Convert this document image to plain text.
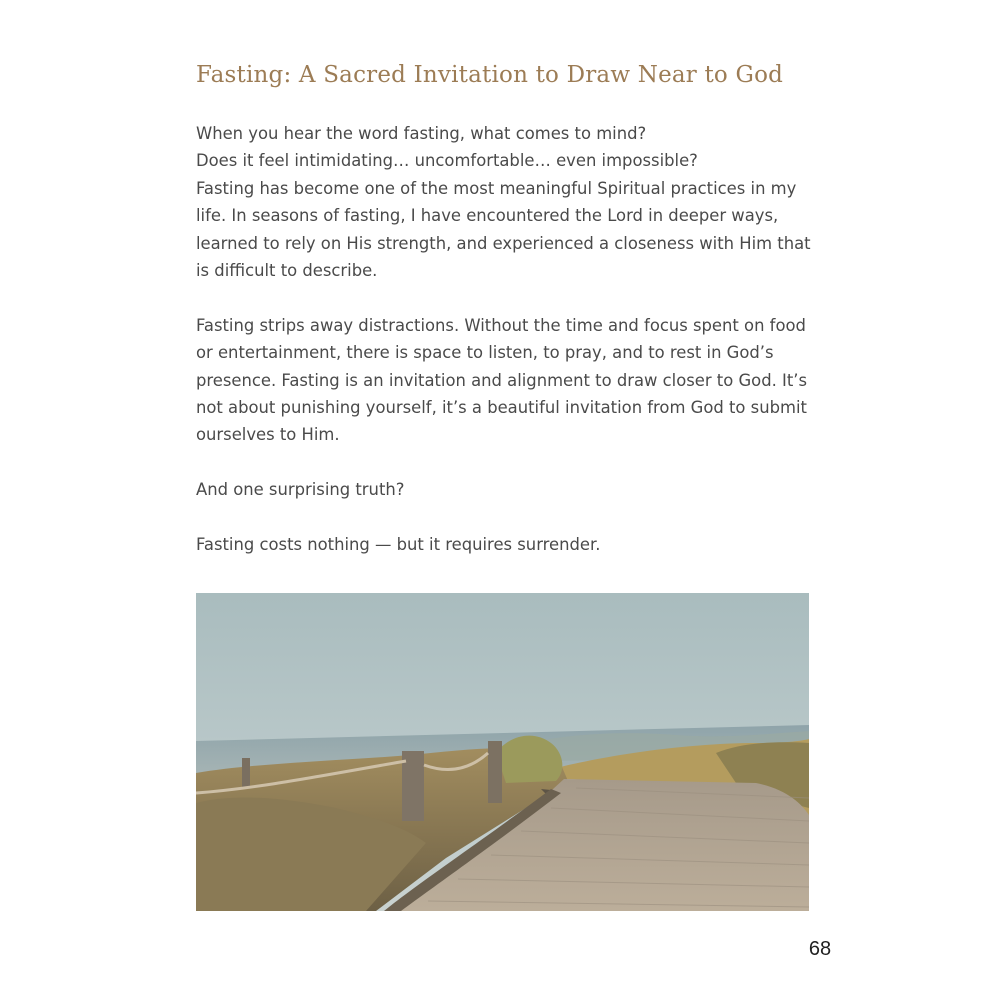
Fasting: A Sacred Invitation to Draw Near to God

When you hear the word fasting, what comes to mind?
Does it feel intimidating… uncomfortable… even impossible?
Fasting has become one of the most meaningful Spiritual practices in my
life. In seasons of fasting, I have encountered the Lord in deeper ways,
learned to rely on His strength, and experienced a closeness with Him that
is difficult to describe.

Fasting strips away distractions. Without the time and focus spent on food
or entertainment, there is space to listen, to pray, and to rest in God’s
presence. Fasting is an invitation and alignment to draw closer to God. It’s
not about punishing yourself, it’s a beautiful invitation from God to submit
ourselves to Him.

And one surprising truth?

Fasting costs nothing — but it requires surrender.

68
